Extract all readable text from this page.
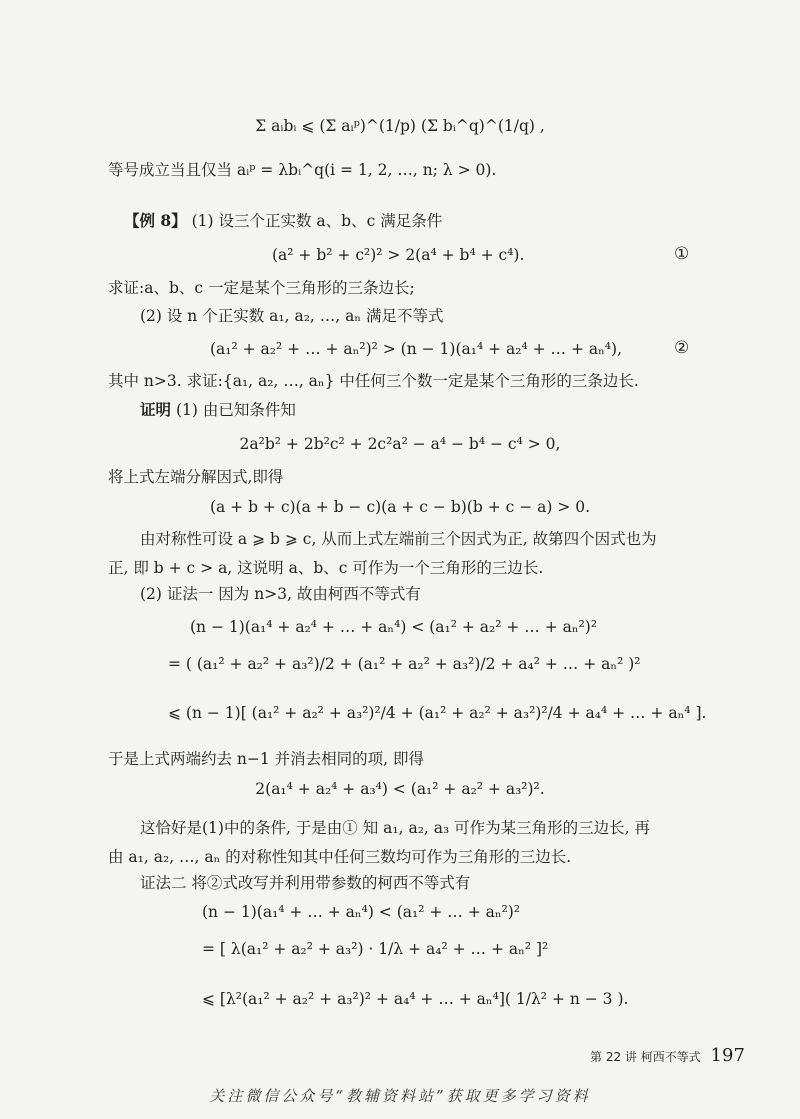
Σ aᵢbᵢ ⩽ (Σ aᵢᵖ)^(1/p) (Σ bᵢ^q)^(1/q) ,
等号成立当且仅当 aᵢᵖ = λbᵢ^q(i = 1, 2, …, n; λ > 0).
【例 8】 (1) 设三个正实数 a、b、c 满足条件
(a² + b² + c²)² > 2(a⁴ + b⁴ + c⁴).	①
求证:a、b、c 一定是某个三角形的三条边长;
(2) 设 n 个正实数 a₁, a₂, …, aₙ 满足不等式
(a₁² + a₂² + … + aₙ²)² > (n − 1)(a₁⁴ + a₂⁴ + … + aₙ⁴),	②
其中 n>3. 求证:{a₁, a₂, …, aₙ} 中任何三个数一定是某个三角形的三条边长.
证明 (1) 由已知条件知
2a²b² + 2b²c² + 2c²a² − a⁴ − b⁴ − c⁴ > 0,
将上式左端分解因式,即得
(a + b + c)(a + b − c)(a + c − b)(b + c − a) > 0.
由对称性可设 a ⩾ b ⩾ c, 从而上式左端前三个因式为正, 故第四个因式也为
正, 即 b + c > a, 这说明 a、b、c 可作为一个三角形的三边长.
(2) 证法一 因为 n>3, 故由柯西不等式有
(n − 1)(a₁⁴ + a₂⁴ + … + aₙ⁴) < (a₁² + a₂² + … + aₙ²)²
= ( (a₁² + a₂² + a₃²)/2 + (a₁² + a₂² + a₃²)/2 + a₄² + … + aₙ² )²
⩽ (n − 1)[ (a₁² + a₂² + a₃²)²/4 + (a₁² + a₂² + a₃²)²/4 + a₄⁴ + … + aₙ⁴ ].
于是上式两端约去 n−1 并消去相同的项, 即得
2(a₁⁴ + a₂⁴ + a₃⁴) < (a₁² + a₂² + a₃²)².
这恰好是(1)中的条件, 于是由① 知 a₁, a₂, a₃ 可作为某三角形的三边长, 再
由 a₁, a₂, …, aₙ 的对称性知其中任何三数均可作为三角形的三边长.
证法二 将②式改写并利用带参数的柯西不等式有
(n − 1)(a₁⁴ + … + aₙ⁴) < (a₁² + … + aₙ²)²
= [ λ(a₁² + a₂² + a₃²) · 1/λ + a₄² + … + aₙ² ]²
⩽ [λ²(a₁² + a₂² + a₃²)² + a₄⁴ + … + aₙ⁴]( 1/λ² + n − 3 ).
第 22 讲 柯西不等式 197
关注微信公众号“教辅资料站”获取更多学习资料
